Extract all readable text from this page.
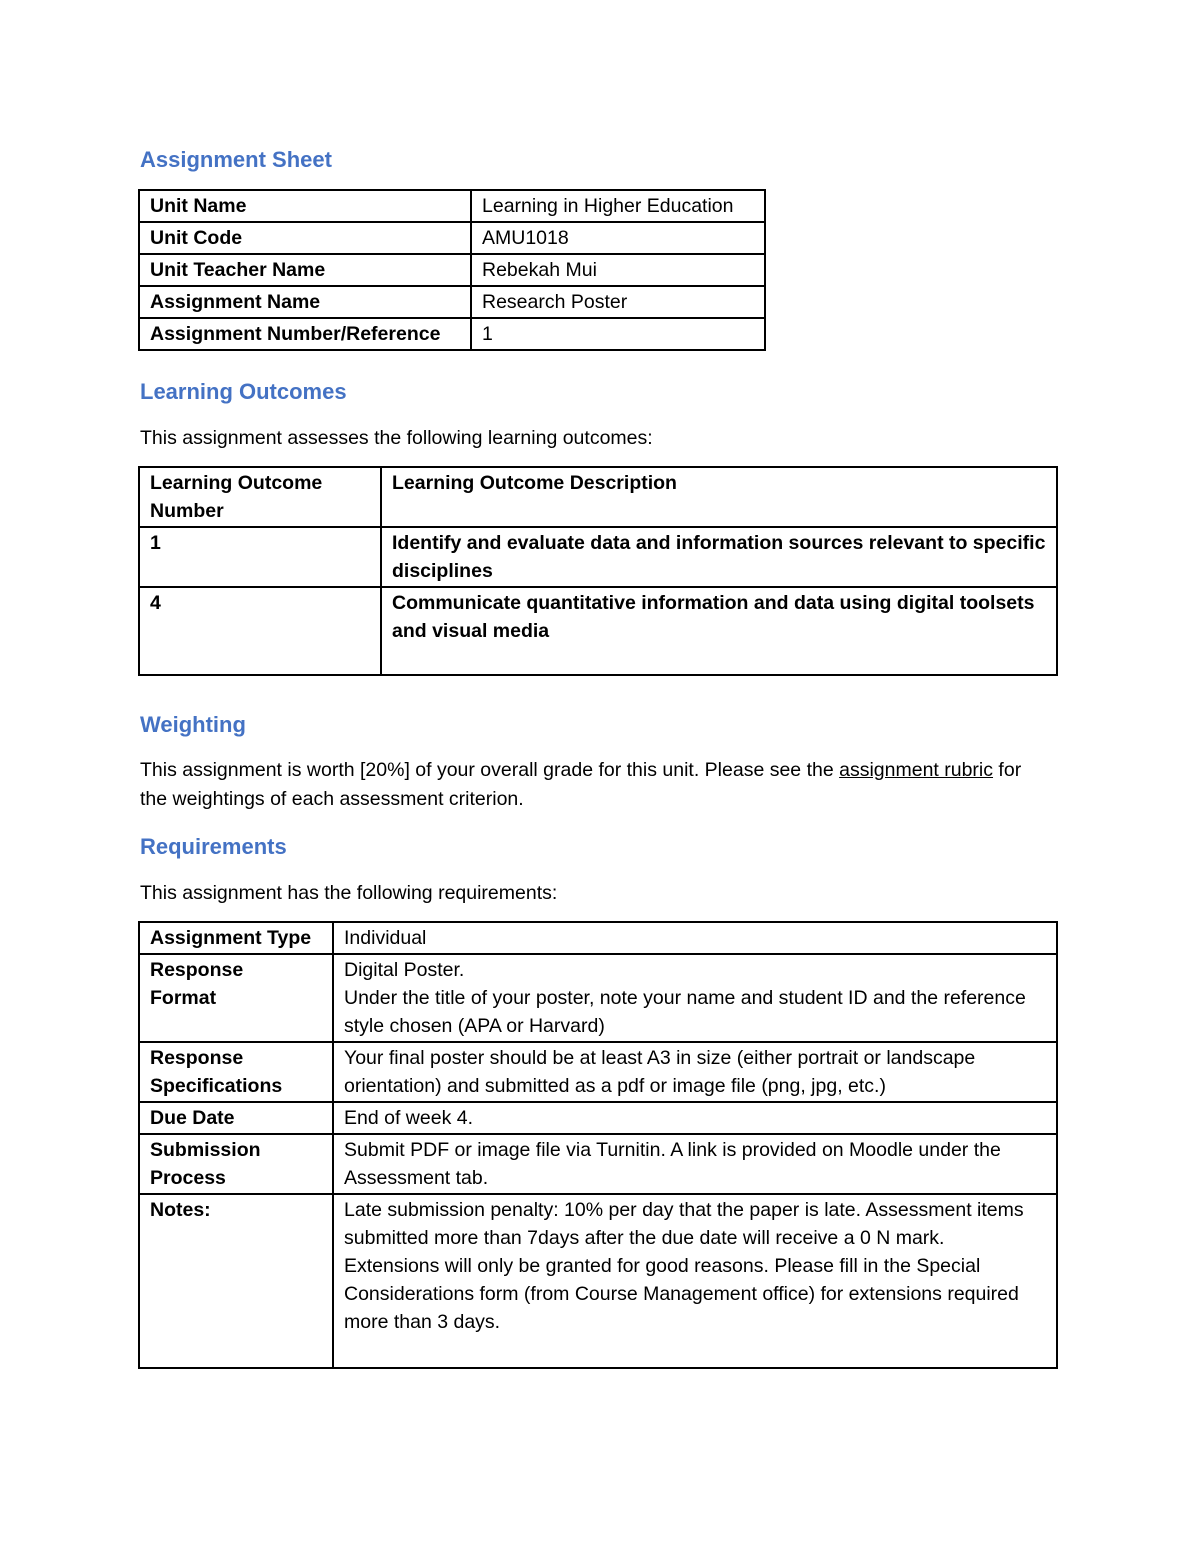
Assignment Sheet
Unit Name	Learning in Higher Education
Unit Code	AMU1018
Unit Teacher Name	Rebekah Mui
Assignment Name	Research Poster
Assignment Number/Reference	1
Learning Outcomes

This assignment assesses the following learning outcomes:

Learning Outcome Number	Learning Outcome Description
1	Identify and evaluate data and information sources relevant to specific disciplines
4	Communicate quantitative information and data using digital toolsets and visual media
Weighting

This assignment is worth [20%] of your overall grade for this unit. Please see the assignment rubric for the weightings of each assessment criterion.

Requirements

This assignment has the following requirements:

Assignment Type	Individual
Response Format	Digital Poster.
Under the title of your poster, note your name and student ID and the reference style chosen (APA or Harvard)

Response Specifications	Your final poster should be at least A3 in size (either portrait or landscape orientation) and submitted as a pdf or image file (png, jpg, etc.)
Due Date	End of week 4.
Submission Process	Submit PDF or image file via Turnitin. A link is provided on Moodle under the Assessment tab.
Notes:	Late submission penalty: 10% per day that the paper is late. Assessment items submitted more than 7days after the due date will receive a 0 N mark.
Extensions will only be granted for good reasons. Please fill in the Special Considerations form (from Course Management office) for extensions required more than 3 days.
